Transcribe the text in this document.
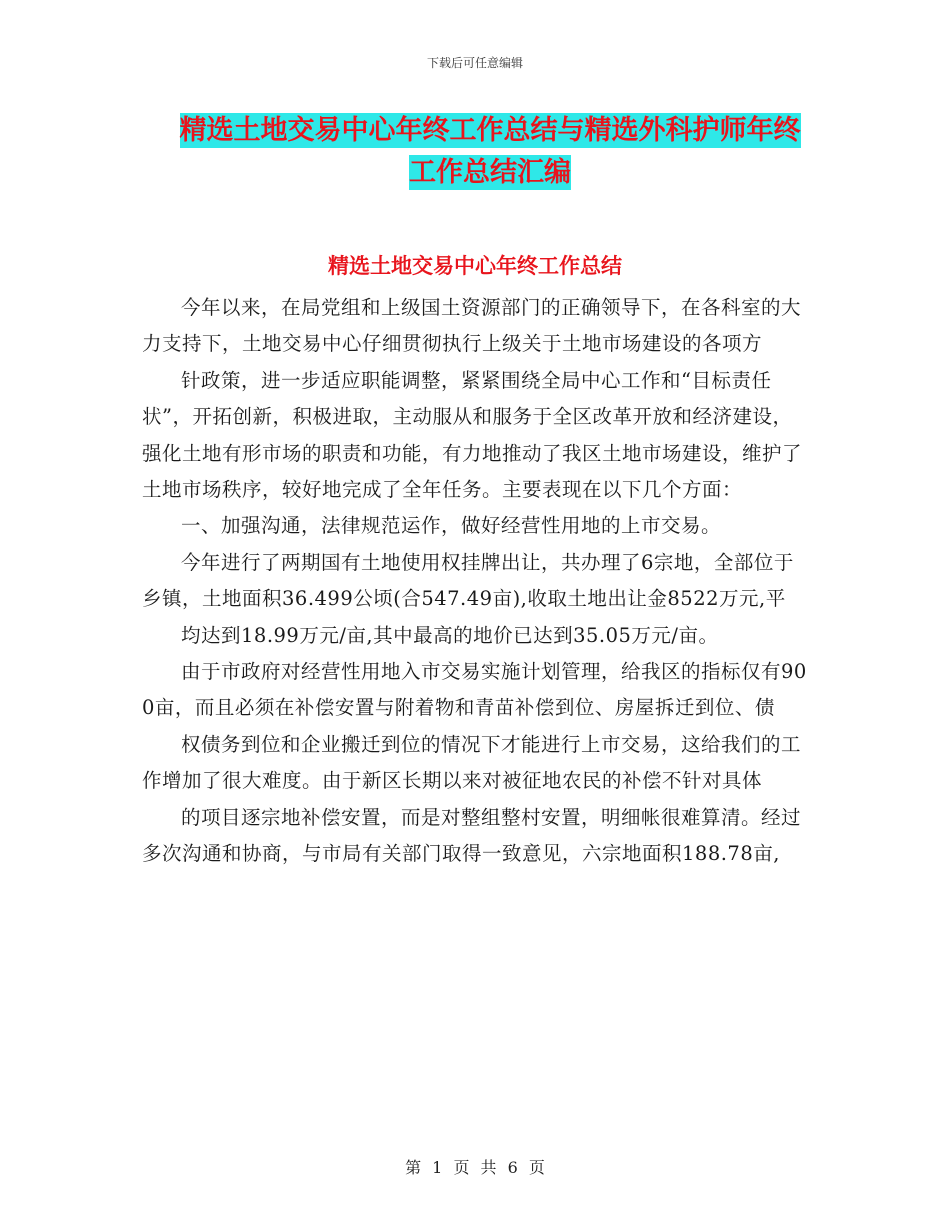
下载后可任意编辑
精选土地交易中心年终工作总结与精选外科护师年终
工作总结汇编
精选土地交易中心年终工作总结

今年以来，在局党组和上级国土资源部门的正确领导下，在各科室的大力支持下，土地交易中心仔细贯彻执行上级关于土地市场建设的各项方

针政策，进一步适应职能调整，紧紧围绕全局中心工作和“目标责任状”，开拓创新，积极进取，主动服从和服务于全区改革开放和经济建设，强化土地有形市场的职责和功能，有力地推动了我区土地市场建设，维护了土地市场秩序，较好地完成了全年任务。主要表现在以下几个方面：

一、加强沟通，法律规范运作，做好经营性用地的上市交易。

今年进行了两期国有土地使用权挂牌出让，共办理了6宗地，全部位于乡镇，土地面积36.499公顷(合547.49亩),收取土地出让金8522万元,平

均达到18.99万元/亩,其中最高的地价已达到35.05万元/亩。

由于市政府对经营性用地入市交易实施计划管理，给我区的指标仅有900亩，而且必须在补偿安置与附着物和青苗补偿到位、房屋拆迁到位、债

权债务到位和企业搬迁到位的情况下才能进行上市交易，这给我们的工作增加了很大难度。由于新区长期以来对被征地农民的补偿不针对具体

的项目逐宗地补偿安置，而是对整组整村安置，明细帐很难算清。经过多次沟通和协商，与市局有关部门取得一致意见，六宗地面积188.78亩,

第 1 页 共 6 页
